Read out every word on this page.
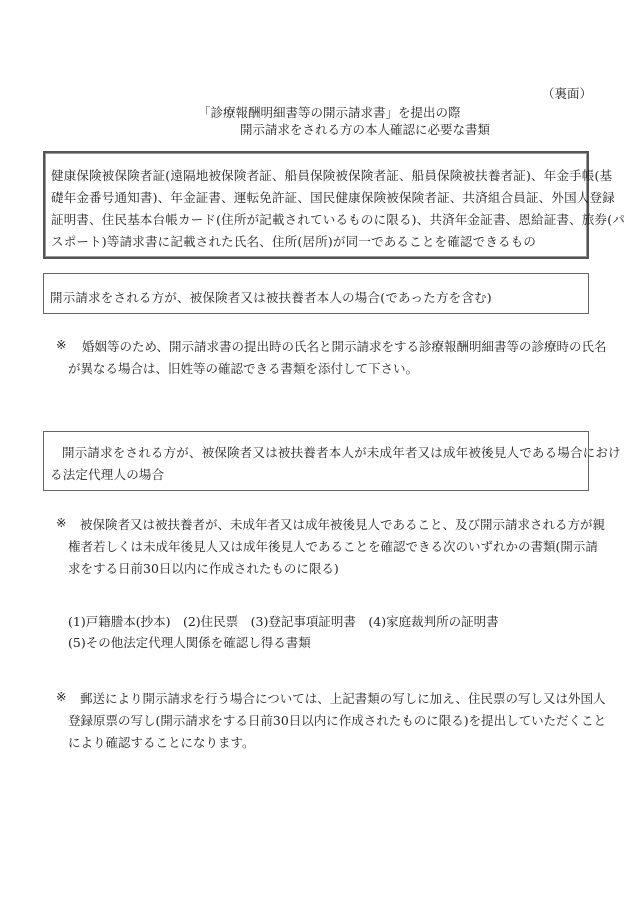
（裏面）
「診療報酬明細書等の開示請求書」を提出の際
開示請求をされる方の本人確認に必要な書類
健康保険被保険者証(遠隔地被保険者証、船員保険被保険者証、船員保険被扶養者証)、年金手帳(基
礎年金番号通知書)、年金証書、運転免許証、国民健康保険被保険者証、共済組合員証、外国人登録
証明書、住民基本台帳カード(住所が記載されているものに限る)、共済年金証書、恩給証書、旅券(パ
スポート)等請求書に記載された氏名、住所(居所)が同一であることを確認できるもの
開示請求をされる方が、被保険者又は被扶養者本人の場合(であった方を含む)
※ 婚姻等のため、開示請求書の提出時の氏名と開示請求をする診療報酬明細書等の診療時の氏名
が異なる場合は、旧姓等の確認できる書類を添付して下さい。
開示請求をされる方が、被保険者又は被扶養者本人が未成年者又は成年被後見人である場合におけ
る法定代理人の場合
※ 被保険者又は被扶養者が、未成年者又は成年被後見人であること、及び開示請求される方が親
権者若しくは未成年後見人又は成年後見人であることを確認できる次のいずれかの書類(開示請
求をする日前30日以内に作成されたものに限る)
(1)戸籍謄本(抄本)　(2)住民票　(3)登記事項証明書　(4)家庭裁判所の証明書
(5)その他法定代理人関係を確認し得る書類
※ 郵送により開示請求を行う場合については、上記書類の写しに加え、住民票の写し又は外国人
登録原票の写し(開示請求をする日前30日以内に作成されたものに限る)を提出していただくこと
により確認することになります。
